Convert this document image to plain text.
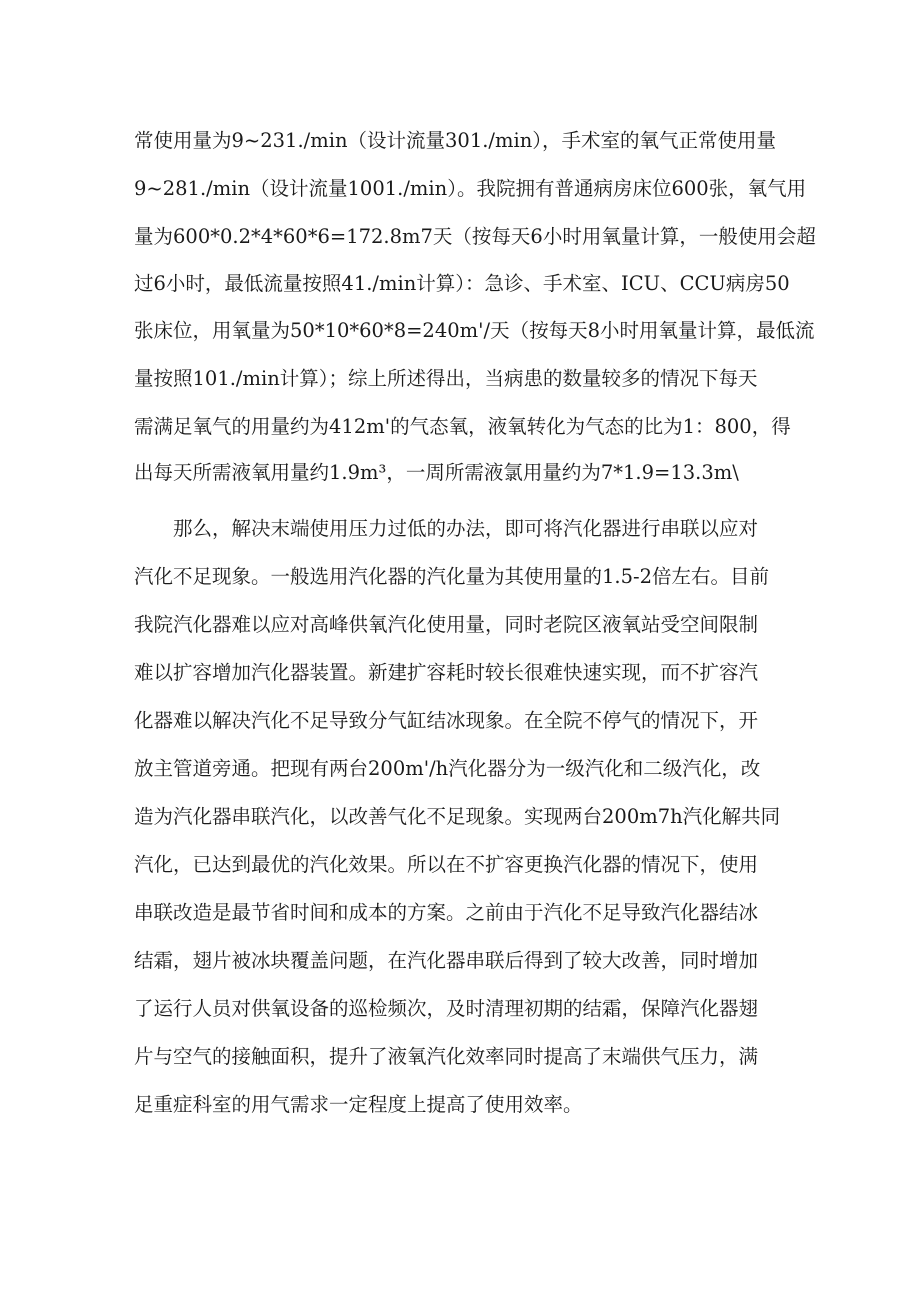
常使用量为9~231./min（设计流量301./min），手术室的氧气正常使用量
9~281./min（设计流量1001./min）。我院拥有普通病房床位600张，氧气用
量为600*0.2*4*60*6=172.8m7天（按每天6小时用氧量计算，一般使用会超
过6小时，最低流量按照41./min计算）：急诊、手术室、ICU、CCU病房50
张床位，用氧量为50*10*60*8=240m'/天（按每天8小时用氧量计算，最低流
量按照101./min计算）；综上所述得出，当病患的数量较多的情况下每天
需满足氧气的用量约为412m'的气态氧，液氧转化为气态的比为1：800，得
出每天所需液氧用量约1.9m³，一周所需液氯用量约为7*1.9=13.3m\
那么，解决末端使用压力过低的办法，即可将汽化器进行串联以应对
汽化不足现象。一般选用汽化器的汽化量为其使用量的1.5-2倍左右。目前
我院汽化器难以应对高峰供氧汽化使用量，同时老院区液氧站受空间限制
难以扩容增加汽化器装置。新建扩容耗时较长很难快速实现，而不扩容汽
化器难以解决汽化不足导致分气缸结冰现象。在全院不停气的情况下，开
放主管道旁通。把现有两台200m'/h汽化器分为一级汽化和二级汽化，改
造为汽化器串联汽化，以改善气化不足现象。实现两台200m7h汽化解共同
汽化，已达到最优的汽化效果。所以在不扩容更换汽化器的情况下，使用
串联改造是最节省时间和成本的方案。之前由于汽化不足导致汽化器结冰
结霜，翅片被冰块覆盖问题，在汽化器串联后得到了较大改善，同时增加
了运行人员对供氧设备的巡检频次，及时清理初期的结霜，保障汽化器翅
片与空气的接触面积，提升了液氧汽化效率同时提高了末端供气压力，满
足重症科室的用气需求一定程度上提高了使用效率。
